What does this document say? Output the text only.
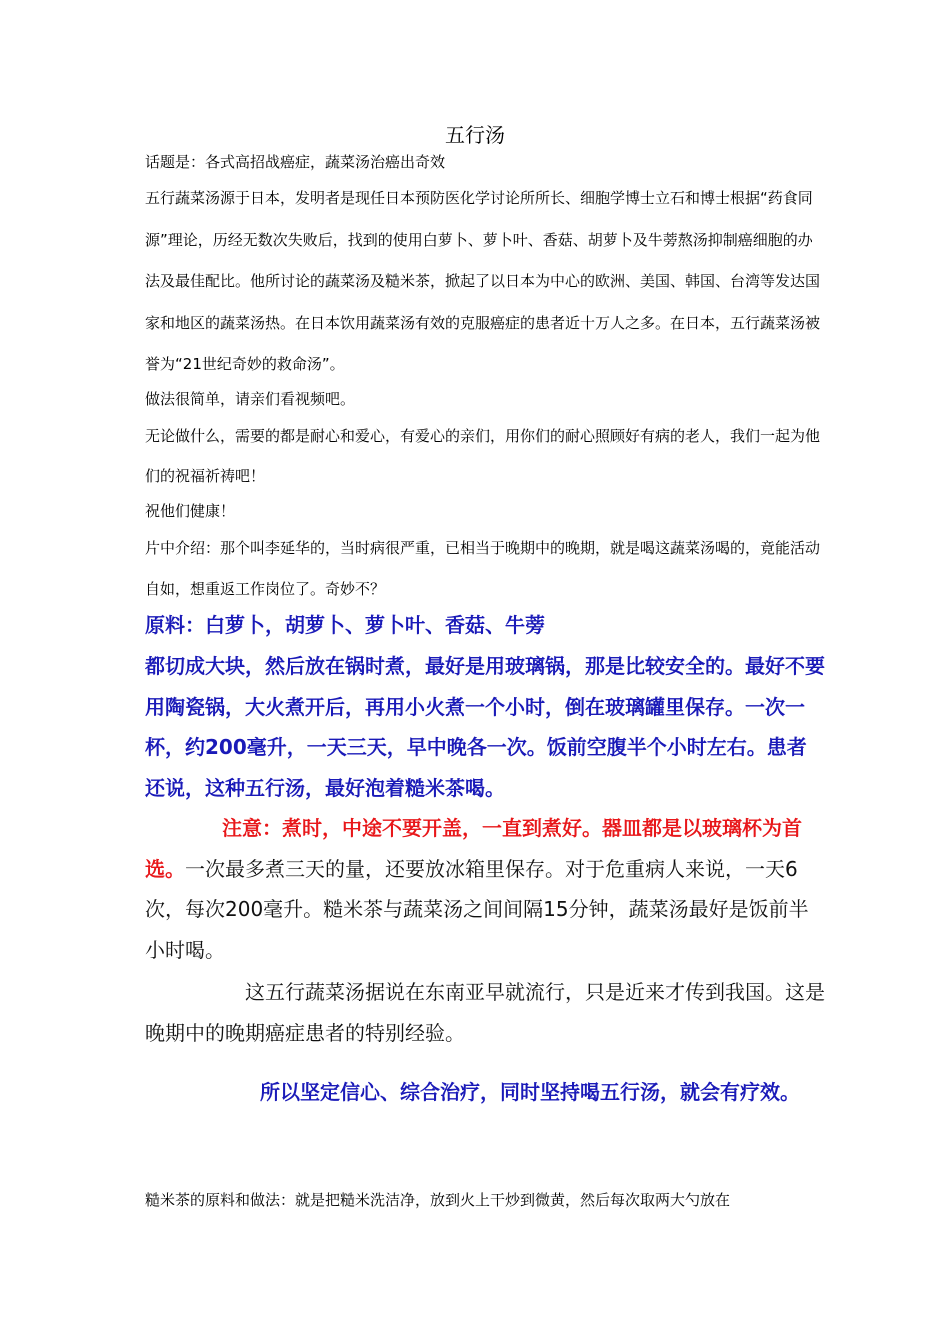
五行汤

话题是：各式高招战癌症，蔬菜汤治癌出奇效

五行蔬菜汤源于日本，发明者是现任日本预防医化学讨论所所长、细胞学博士立石和博士根据“药食同源”理论，历经无数次失败后，找到的使用白萝卜、萝卜叶、香菇、胡萝卜及牛蒡熬汤抑制癌细胞的办法及最佳配比。他所讨论的蔬菜汤及糙米茶，掀起了以日本为中心的欧洲、美国、韩国、台湾等发达国家和地区的蔬菜汤热。在日本饮用蔬菜汤有效的克服癌症的患者近十万人之多。在日本，五行蔬菜汤被誉为“21世纪奇妙的救命汤”。

做法很简单，请亲们看视频吧。

无论做什么，需要的都是耐心和爱心，有爱心的亲们，用你们的耐心照顾好有病的老人，我们一起为他们的祝福祈祷吧！

祝他们健康！

片中介绍：那个叫李延华的，当时病很严重，已相当于晚期中的晚期，就是喝这蔬菜汤喝的，竟能活动自如，想重返工作岗位了。奇妙不？

原料：白萝卜，胡萝卜、萝卜叶、香菇、牛蒡

都切成大块，然后放在锅时煮，最好是用玻璃锅，那是比较安全的。最好不要用陶瓷锅，大火煮开后，再用小火煮一个小时，倒在玻璃罐里保存。一次一杯，约200毫升，一天三天，早中晚各一次。饭前空腹半个小时左右。患者还说，这种五行汤，最好泡着糙米茶喝。

注意：煮时，中途不要开盖，一直到煮好。器皿都是以玻璃杯为首选。一次最多煮三天的量，还要放冰箱里保存。对于危重病人来说，一天6次，每次200毫升。糙米茶与蔬菜汤之间间隔15分钟，蔬菜汤最好是饭前半小时喝。

这五行蔬菜汤据说在东南亚早就流行，只是近来才传到我国。这是晚期中的晚期癌症患者的特别经验。

所以坚定信心、综合治疗，同时坚持喝五行汤，就会有疗效。

糙米茶的原料和做法：就是把糙米洗洁净，放到火上干炒到微黄，然后每次取两大勺放在
